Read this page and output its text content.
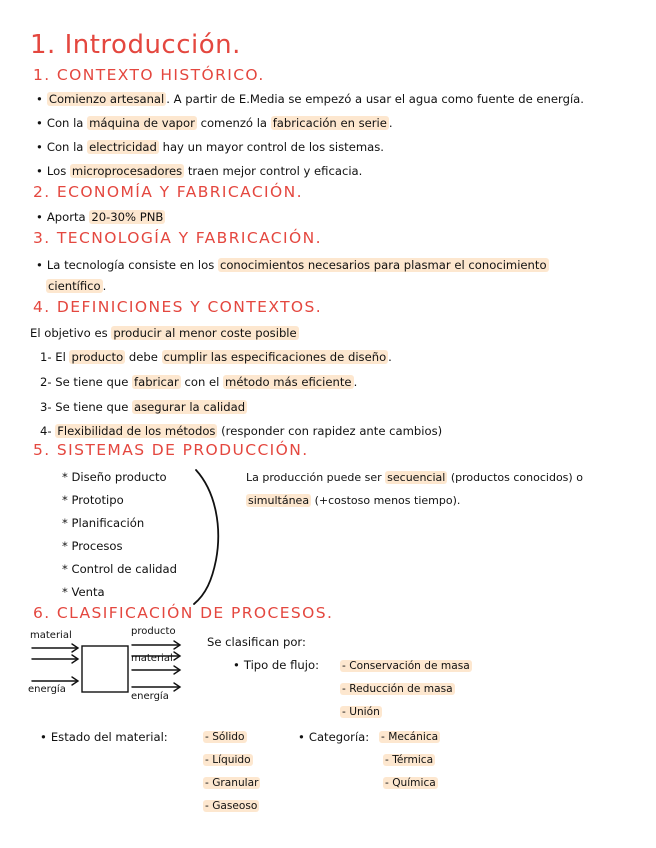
1. Introducción.
1. CONTEXTO HISTÓRICO.
• Comienzo artesanal . A partir de E.Media se empezó a usar el agua como fuente de energía.
• Con la máquina de vapor comenzó la fabricación en serie .
• Con la electricidad hay un mayor control de los sistemas.
• Los microprocesadores traen mejor control y eficacia.
2. ECONOMÍA Y FABRICACIÓN.
• Aporta 20-30% PNB
3. TECNOLOGÍA Y FABRICACIÓN.
• La tecnología consiste en los conocimientos necesarios para plasmar el conocimiento
científico .
4. DEFINICIONES Y CONTEXTOS.
El objetivo es producir al menor coste posible
1- El producto debe cumplir las especificaciones de diseño .
2- Se tiene que fabricar con el método más eficiente .
3- Se tiene que asegurar la calidad
4- Flexibilidad de los métodos (responder con rapidez ante cambios)
5. SISTEMAS DE PRODUCCIÓN.
* Diseño producto
* Prototipo
* Planificación
* Procesos
* Control de calidad
* Venta
La producción puede ser secuencial (productos conocidos) o
simultánea (+costoso menos tiempo).
6. CLASIFICACIÓN DE PROCESOS.
material
energía
producto
material
energía
Se clasifican por:
• Tipo de flujo: - Conservación de masa
- Reducción de masa
- Unión
• Estado del material:	- Sólido
- Líquido
- Granular
- Gaseoso
• Categoría: - Mecánica
- Térmica
- Química
